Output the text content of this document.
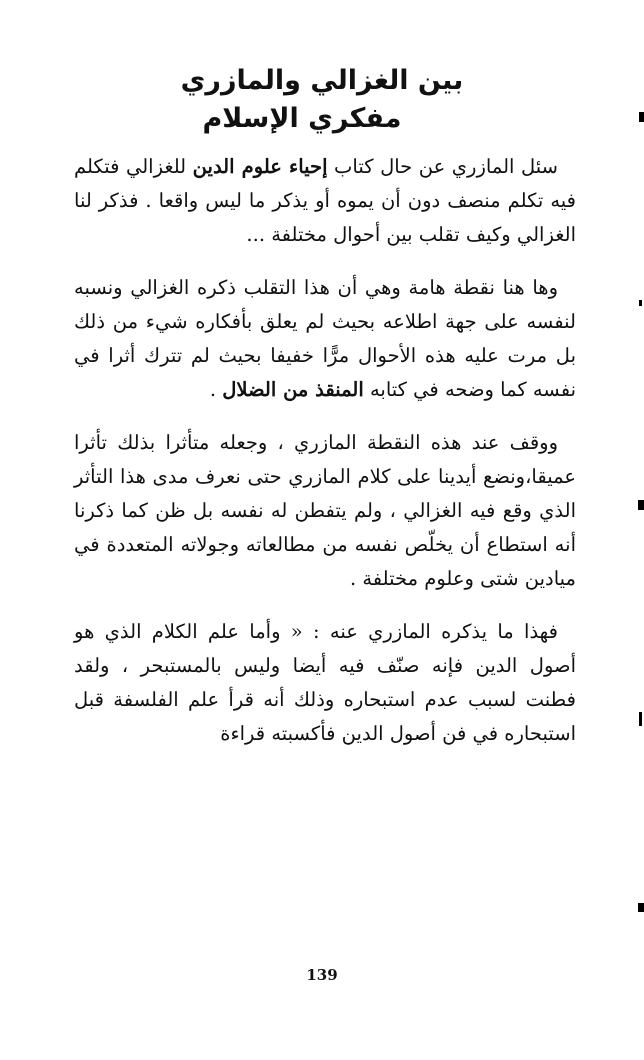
بين الغزالي والمازري
مفكري الإسلام

سئل المازري عن حال كتاب إحياء علوم الدين للغزالي فتكلم فيه تكلم منصف دون أن يموه أو يذكر ما ليس واقعا . فذكر لنا الغزالي وكيف تقلب بين أحوال مختلفة ...

وها هنا نقطة هامة وهي أن هذا التقلب ذكره الغزالي ونسبه لنفسه على جهة اطلاعه بحيث لم يعلق بأفكاره شيء من ذلك بل مرت عليه هذه الأحوال مرًّا خفيفا بحيث لم تترك أثرا في نفسه كما وضحه في كتابه المنقذ من الضلال .

ووقف عند هذه النقطة المازري ، وجعله متأثرا بذلك تأثرا عميقا،ونضع أيدينا على كلام المازري حتى نعرف مدى هذا التأثر الذي وقع فيه الغزالي ، ولم يتفطن له نفسه بل ظن كما ذكرنا أنه استطاع أن يخلّص نفسه من مطالعاته وجولاته المتعددة في ميادين شتى وعلوم مختلفة .

فهذا ما يذكره المازري عنه : « وأما علم الكلام الذي هو أصول الدين فإنه صنّف فيه أيضا وليس بالمستبحر ، ولقد فطنت لسبب عدم استبحاره وذلك أنه قرأ علم الفلسفة قبل استبحاره في فن أصول الدين فأكسبته قراءة

139
